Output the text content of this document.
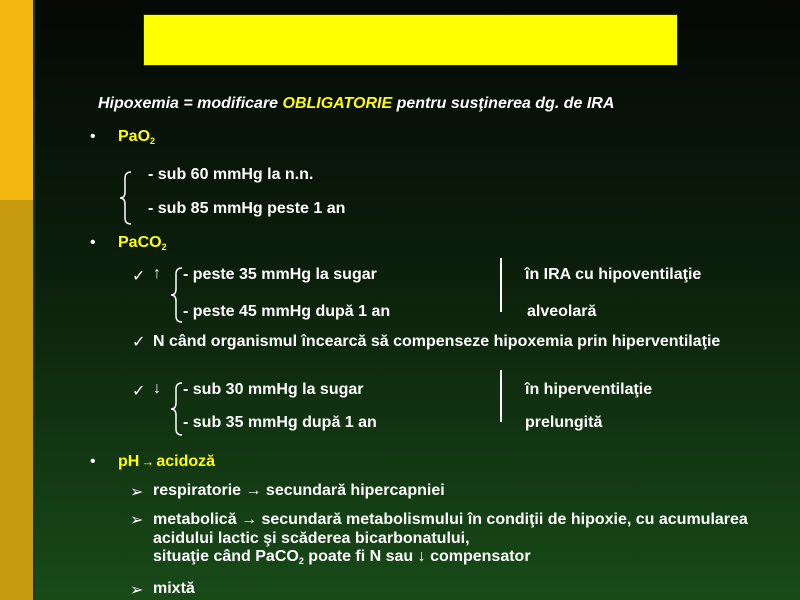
Hipoxemia = modificare OBLIGATORIE pentru susţinerea dg. de IRA
• PaO$_2$
- sub 60 mmHg la n.n.
- sub 85 mmHg peste 1 an
• PaCO$_2$
✓ ↑ - peste 35 mmHg la sugar
- peste 45 mmHg după 1 an
în IRA cu hipoventilaţie
alveolară
✓ N când organismul încearcă să compenseze hipoxemia prin hiperventilaţie
✓ ↓ - sub 30 mmHg la sugar
- sub 35 mmHg după 1 an
în hiperventilaţie
prelungită
• pH → acidoză
➢ respiratorie → secundară hipercapniei
➢ metabolică → secundară metabolismului în condiţii de hipoxie, cu acumularea acidului lactic şi scăderea bicarbonatului,
situaţie când PaCO$_2$ poate fi N sau ↓ compensator
➢ mixtă
